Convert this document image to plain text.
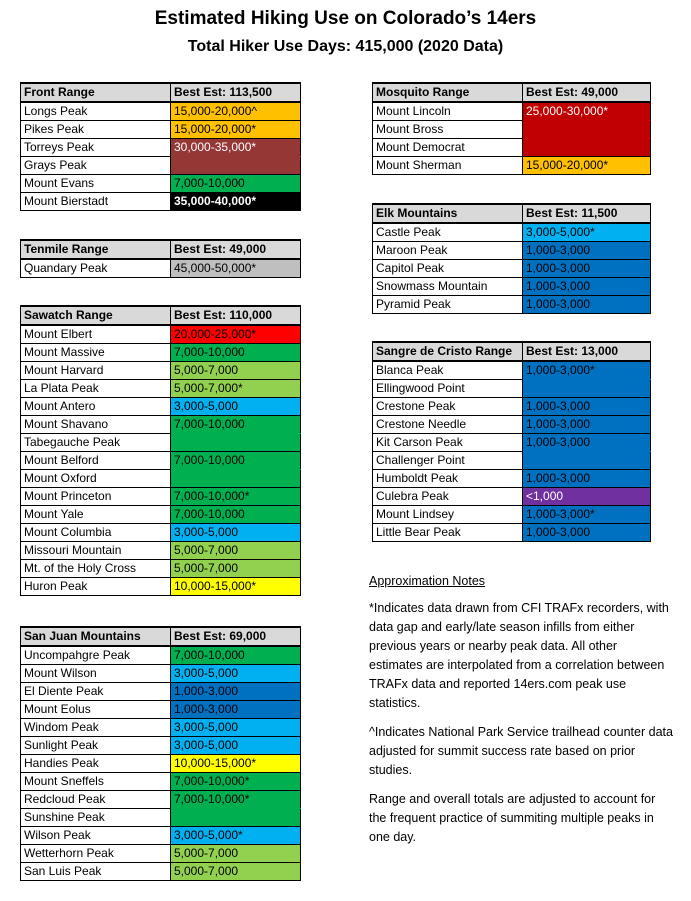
Estimated Hiking Use on Colorado’s 14ers
Total Hiker Use Days: 415,000 (2020 Data)
Front Range	Best Est: 113,500
Longs Peak	15,000-20,000^
Pikes Peak	15,000-20,000*
Torreys Peak	30,000-35,000*
Grays Peak	
Mount Evans	7,000-10,000
Mount Bierstadt	35,000-40,000*
Tenmile Range	Best Est: 49,000
Quandary Peak	45,000-50,000*
Sawatch Range	Best Est: 110,000
Mount Elbert	20,000-25,000*
Mount Massive	7,000-10,000
Mount Harvard	5,000-7,000
La Plata Peak	5,000-7,000*
Mount Antero	3,000-5,000
Mount Shavano	7,000-10,000
Tabegauche Peak	
Mount Belford	7,000-10,000
Mount Oxford	
Mount Princeton	7,000-10,000*
Mount Yale	7,000-10,000
Mount Columbia	3,000-5,000
Missouri Mountain	5,000-7,000
Mt. of the Holy Cross	5,000-7,000
Huron Peak	10,000-15,000*
San Juan Mountains	Best Est: 69,000
Uncompahgre Peak	7,000-10,000
Mount Wilson	3,000-5,000
El Diente Peak	1,000-3,000
Mount Eolus	1,000-3,000
Windom Peak	3,000-5,000
Sunlight Peak	3,000-5,000
Handies Peak	10,000-15,000*
Mount Sneffels	7,000-10,000*
Redcloud Peak	7,000-10,000*
Sunshine Peak	
Wilson Peak	3,000-5,000*
Wetterhorn Peak	5,000-7,000
San Luis Peak	5,000-7,000
Mosquito Range	Best Est: 49,000
Mount Lincoln	25,000-30,000*
Mount Bross	
Mount Democrat	
Mount Sherman	15,000-20,000*
Elk Mountains	Best Est: 11,500
Castle Peak	3,000-5,000*
Maroon Peak	1,000-3,000
Capitol Peak	1,000-3,000
Snowmass Mountain	1,000-3,000
Pyramid Peak	1,000-3,000
Sangre de Cristo Range	Best Est: 13,000
Blanca Peak	1,000-3,000*
Ellingwood Point	
Crestone Peak	1,000-3,000
Crestone Needle	1,000-3,000
Kit Carson Peak	1,000-3,000
Challenger Point	
Humboldt Peak	1,000-3,000
Culebra Peak	<1,000
Mount Lindsey	1,000-3,000*
Little Bear Peak	1,000-3,000

Approximation Notes

*Indicates data drawn from CFI TRAFx recorders, with data gap and early/late season infills from either previous years or nearby peak data. All other estimates are interpolated from a correlation between TRAFx data and reported 14ers.com peak use statistics.

^Indicates National Park Service trailhead counter data adjusted for summit success rate based on prior studies.

Range and overall totals are adjusted to account for the frequent practice of summiting multiple peaks in one day.
